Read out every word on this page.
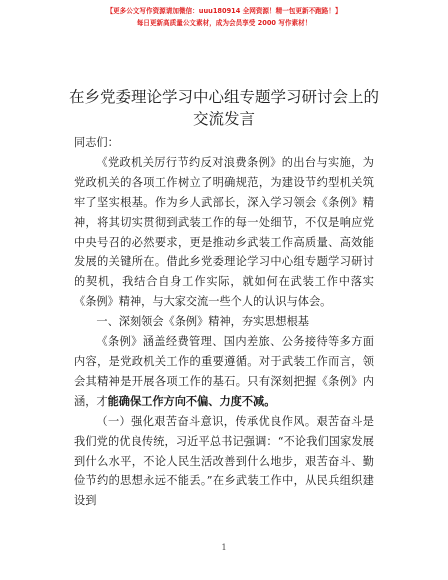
【更多公文写作资源请加微信：uuu180914 全网资源！精一包更新不跑路！】
每日更新高质量公文素材，成为会员享受 2000 写作素材！
在乡党委理论学习中心组专题学习研讨会上的
交流发言

同志们：

《党政机关厉行节约反对浪费条例》的出台与实施，为党政机关的各项工作树立了明确规范，为建设节约型机关筑牢了坚实根基。作为乡人武部长，深入学习领会《条例》精神，将其切实贯彻到武装工作的每一处细节，不仅是响应党中央号召的必然要求，更是推动乡武装工作高质量、高效能发展的关键所在。借此乡党委理论学习中心组专题学习研讨的契机，我结合自身工作实际，就如何在武装工作中落实《条例》精神，与大家交流一些个人的认识与体会。

一、深刻领会《条例》精神，夯实思想根基

《条例》涵盖经费管理、国内差旅、公务接待等多方面内容，是党政机关工作的重要遵循。对于武装工作而言，领会其精神是开展各项工作的基石。只有深刻把握《条例》内涵，才能确保工作方向不偏、力度不减。

（一）强化艰苦奋斗意识，传承优良作风。艰苦奋斗是我们党的优良传统，习近平总书记强调：“不论我们国家发展到什么水平，不论人民生活改善到什么地步，艰苦奋斗、勤俭节约的思想永远不能丢。”在乡武装工作中，从民兵组织建设到

1
